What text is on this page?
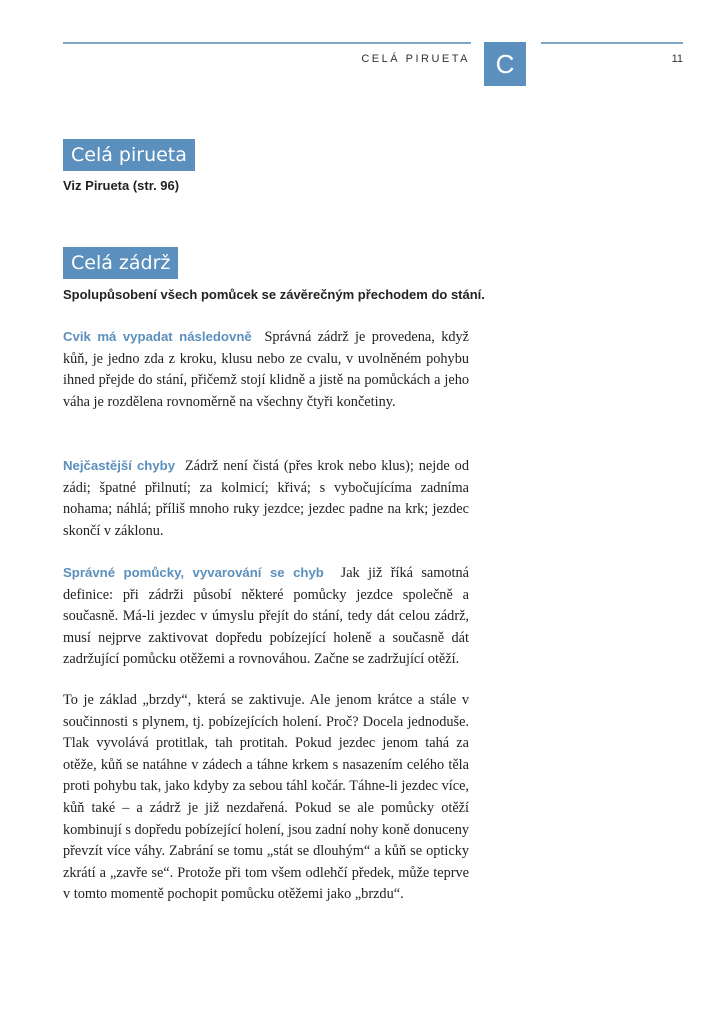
CELÁ PIRUETA C	11
Celá pirueta
Viz Pirueta (str. 96)
Celá zádrž
Spolupůsobení všech pomůcek se závěrečným přechodem do stání.

Cvik má vypadat následovně Správná zádrž je provedena, když kůň, je jedno zda z kroku, klusu nebo ze cvalu, v uvolněném pohybu ihned přejde do stání, přičemž stojí klidně a jistě na pomůckách a jeho váha je rozdělena rovnoměrně na všechny čtyři končetiny.

Nejčastější chyby Zádrž není čistá (přes krok nebo klus); nejde od zádi; špatné přilnutí; za kolmicí; křivá; s vybočujícíma zadníma nohama; náhlá; příliš mnoho ruky jezdce; jezdec padne na krk; jezdec skončí v záklonu.

Správné pomůcky, vyvarování se chyb Jak již říká samotná definice: při zádrži působí některé pomůcky jezdce společně a současně. Má-li jezdec v úmyslu přejít do stání, tedy dát celou zádrž, musí nejprve zaktivovat dopředu pobízející holeně a současně dát zadržující pomůcku otěžemi a rovnováhou. Začne se zadržující otěží.

To je základ „brzdy“, která se zaktivuje. Ale jenom krátce a stále v součinnosti s plynem, tj. pobízejících holení. Proč? Docela jednoduše. Tlak vyvolává protitlak, tah protitah. Pokud jezdec jenom tahá za otěže, kůň se natáhne v zádech a táhne krkem s nasazením celého těla proti pohybu tak, jako kdyby za sebou táhl kočár. Táhne-li jezdec více, kůň také – a zádrž je již nezdařená. Pokud se ale pomůcky otěží kombinují s dopředu pobízející holení, jsou zadní nohy koně donuceny převzít více váhy. Zabrání se tomu „stát se dlouhým“ a kůň se opticky zkrátí a „zavře se“. Protože při tom všem odlehčí předek, může teprve v tomto momentě pochopit pomůcku otěžemi jako „brzdu“.
